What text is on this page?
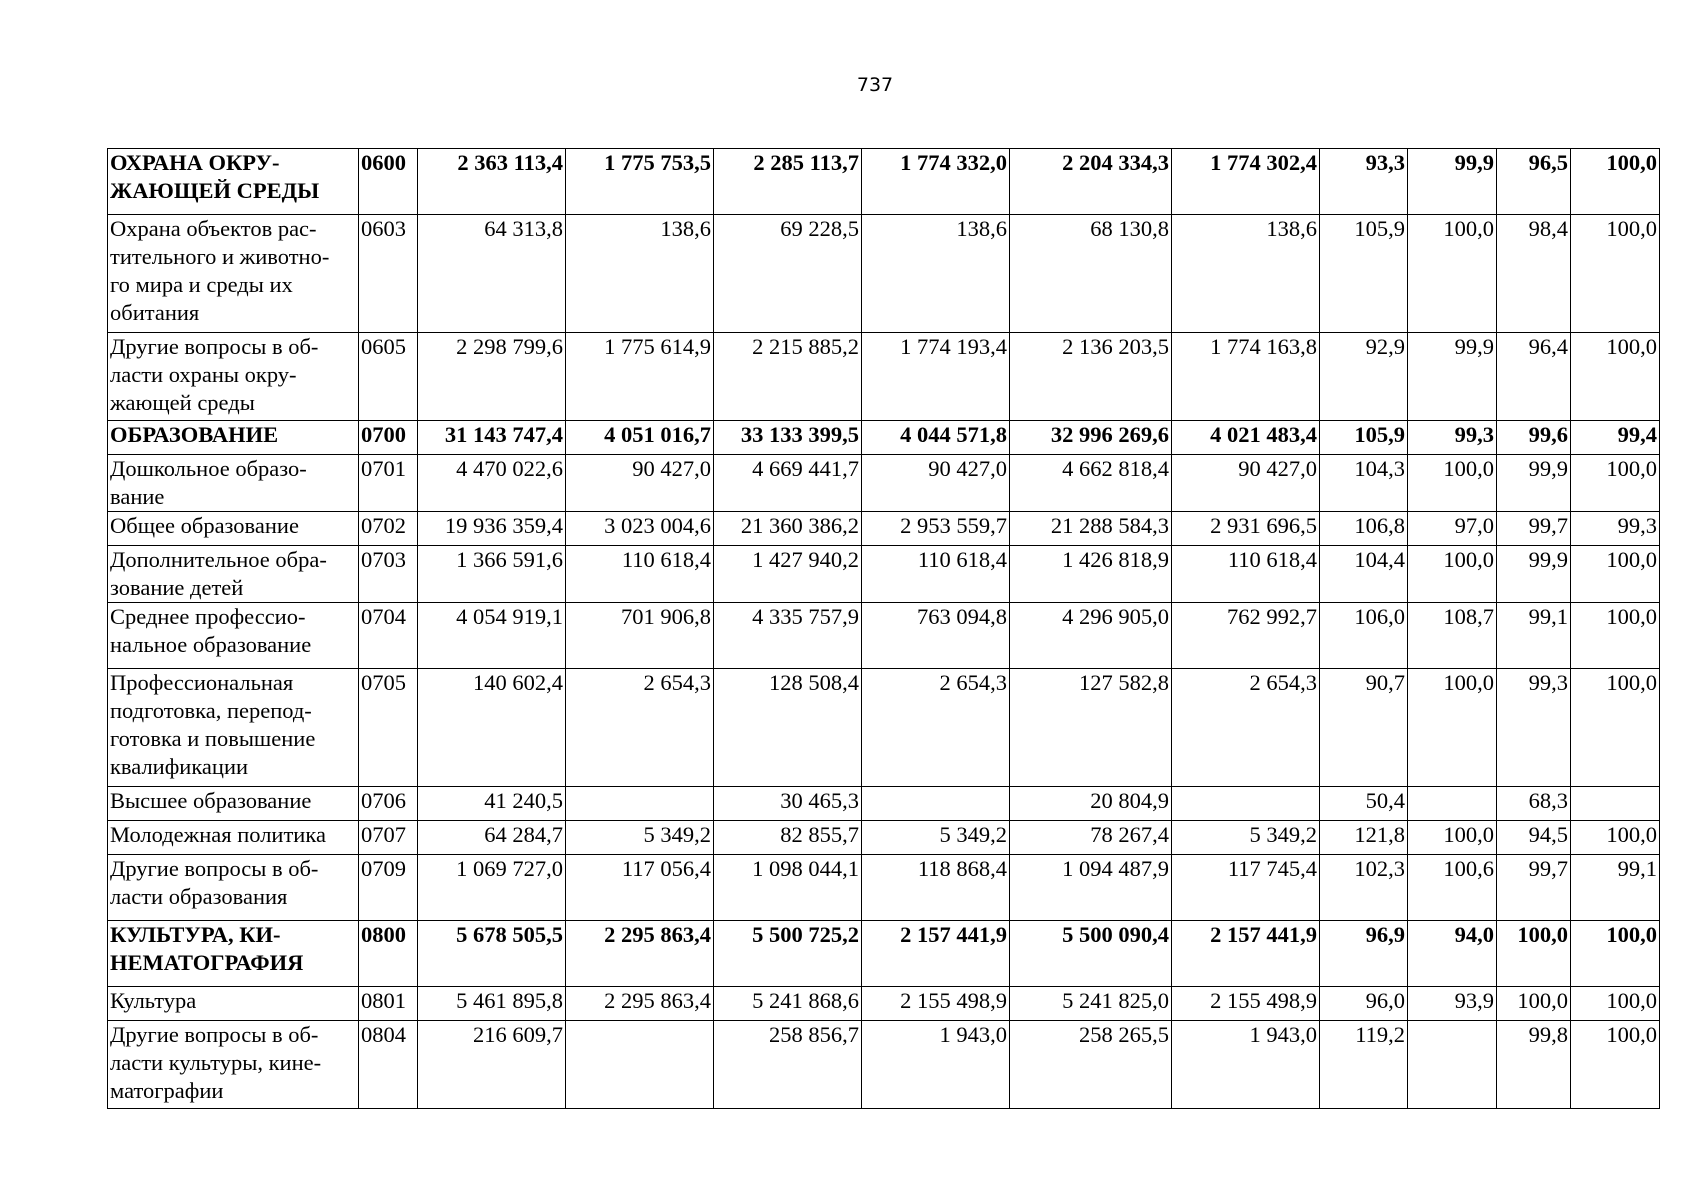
737
ОХРАНА ОКРУ-
ЖАЮЩЕЙ СРЕДЫ	0600	2 363 113,4	1 775 753,5	2 285 113,7	1 774 332,0	2 204 334,3	1 774 302,4	93,3	99,9	96,5	100,0
Охрана объектов рас-
тительного и животно-
го мира и среды их
обитания	0603	64 313,8	138,6	69 228,5	138,6	68 130,8	138,6	105,9	100,0	98,4	100,0
Другие вопросы в об-
ласти охраны окру-
жающей среды	0605	2 298 799,6	1 775 614,9	2 215 885,2	1 774 193,4	2 136 203,5	1 774 163,8	92,9	99,9	96,4	100,0
ОБРАЗОВАНИЕ	0700	31 143 747,4	4 051 016,7	33 133 399,5	4 044 571,8	32 996 269,6	4 021 483,4	105,9	99,3	99,6	99,4
Дошкольное образо-
вание	0701	4 470 022,6	90 427,0	4 669 441,7	90 427,0	4 662 818,4	90 427,0	104,3	100,0	99,9	100,0
Общее образование	0702	19 936 359,4	3 023 004,6	21 360 386,2	2 953 559,7	21 288 584,3	2 931 696,5	106,8	97,0	99,7	99,3
Дополнительное обра-
зование детей	0703	1 366 591,6	110 618,4	1 427 940,2	110 618,4	1 426 818,9	110 618,4	104,4	100,0	99,9	100,0
Среднее профессио-
нальное образование	0704	4 054 919,1	701 906,8	4 335 757,9	763 094,8	4 296 905,0	762 992,7	106,0	108,7	99,1	100,0
Профессиональная
подготовка, перепод-
готовка и повышение
квалификации	0705	140 602,4	2 654,3	128 508,4	2 654,3	127 582,8	2 654,3	90,7	100,0	99,3	100,0
Высшее образование	0706	41 240,5		30 465,3		20 804,9		50,4		68,3	
Молодежная политика	0707	64 284,7	5 349,2	82 855,7	5 349,2	78 267,4	5 349,2	121,8	100,0	94,5	100,0
Другие вопросы в об-
ласти образования	0709	1 069 727,0	117 056,4	1 098 044,1	118 868,4	1 094 487,9	117 745,4	102,3	100,6	99,7	99,1
КУЛЬТУРА, КИ-
НЕМАТОГРАФИЯ	0800	5 678 505,5	2 295 863,4	5 500 725,2	2 157 441,9	5 500 090,4	2 157 441,9	96,9	94,0	100,0	100,0
Культура	0801	5 461 895,8	2 295 863,4	5 241 868,6	2 155 498,9	5 241 825,0	2 155 498,9	96,0	93,9	100,0	100,0
Другие вопросы в об-
ласти культуры, кине-
матографии	0804	216 609,7		258 856,7	1 943,0	258 265,5	1 943,0	119,2		99,8	100,0
